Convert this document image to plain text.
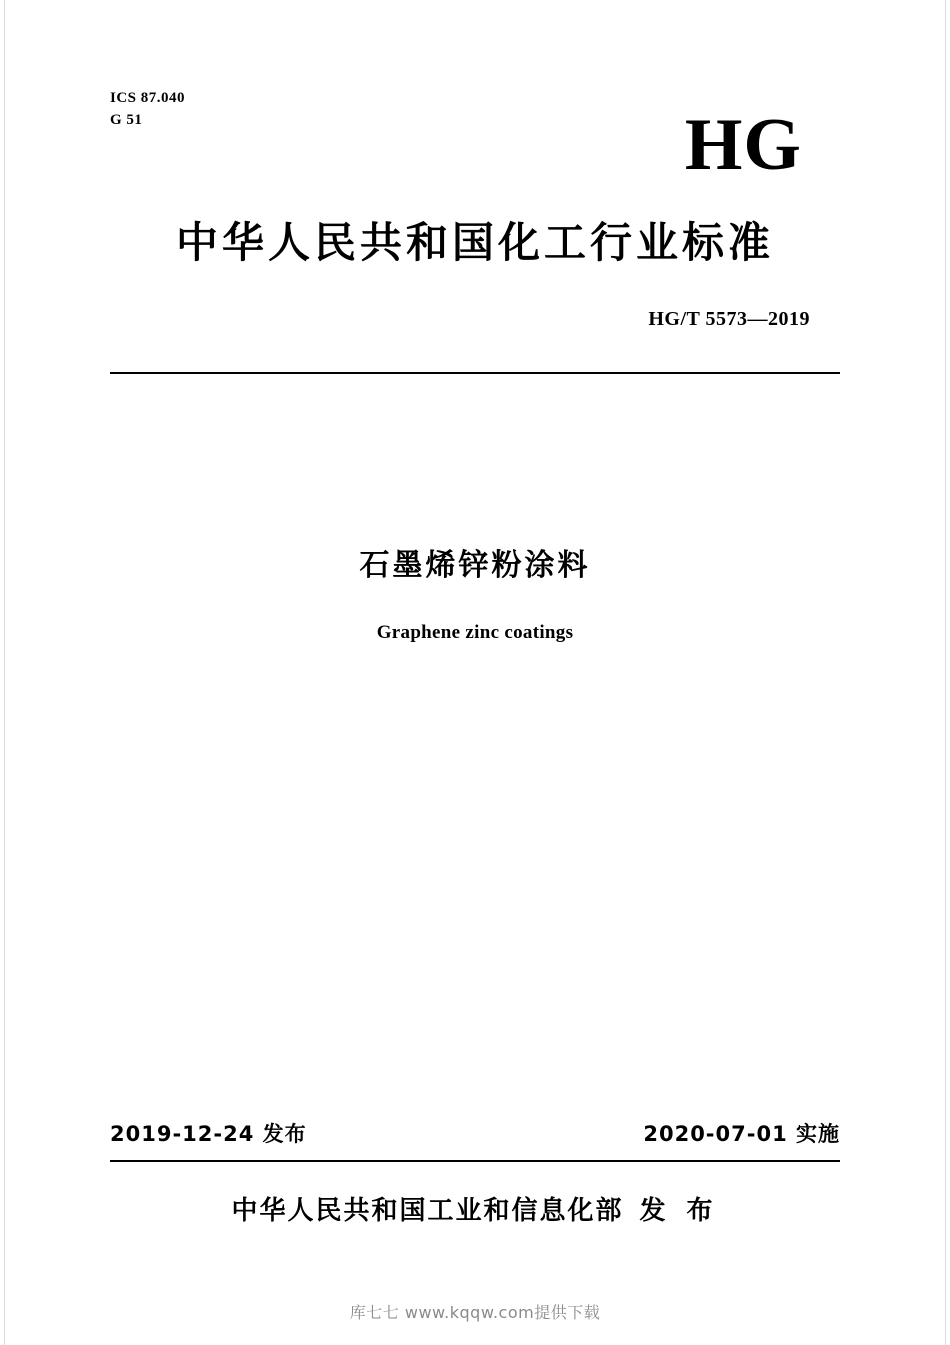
ICS 87.040
G 51	HG
中华人民共和国化工行业标准
HG/T 5573—2019
石墨烯锌粉涂料
Graphene zinc coatings
2019-12-24 发布	2020-07-01 实施
中华人民共和国工业和信息化部 发 布
库七七 www.kqqw.com提供下载
